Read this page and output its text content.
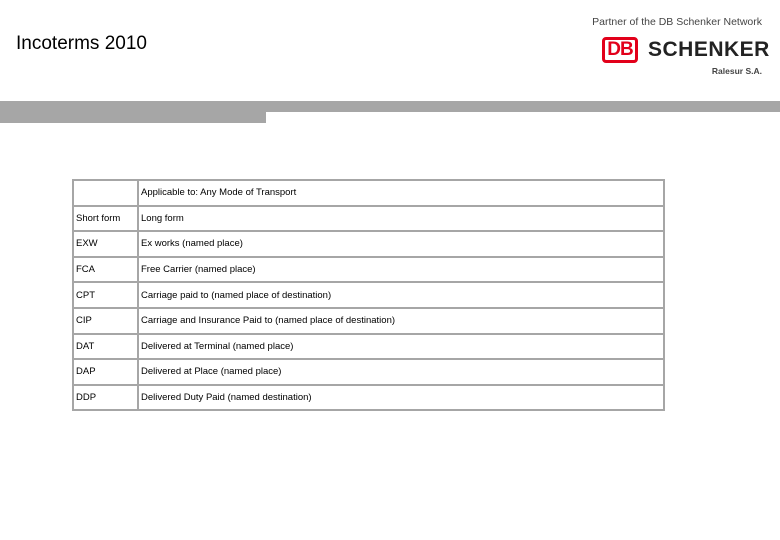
Incoterms 2010
Partner of the DB Schenker Network
DB SCHENKER
Ralesur S.A.
	Applicable to: Any Mode of Transport
Short form	Long form
EXW	Ex works (named place)
FCA	Free Carrier (named place)
CPT	Carriage paid to (named place of destination)
CIP	Carriage and Insurance Paid to (named place of destination)
DAT	Delivered at Terminal (named place)
DAP	Delivered at Place (named place)
DDP	Delivered Duty Paid (named destination)
